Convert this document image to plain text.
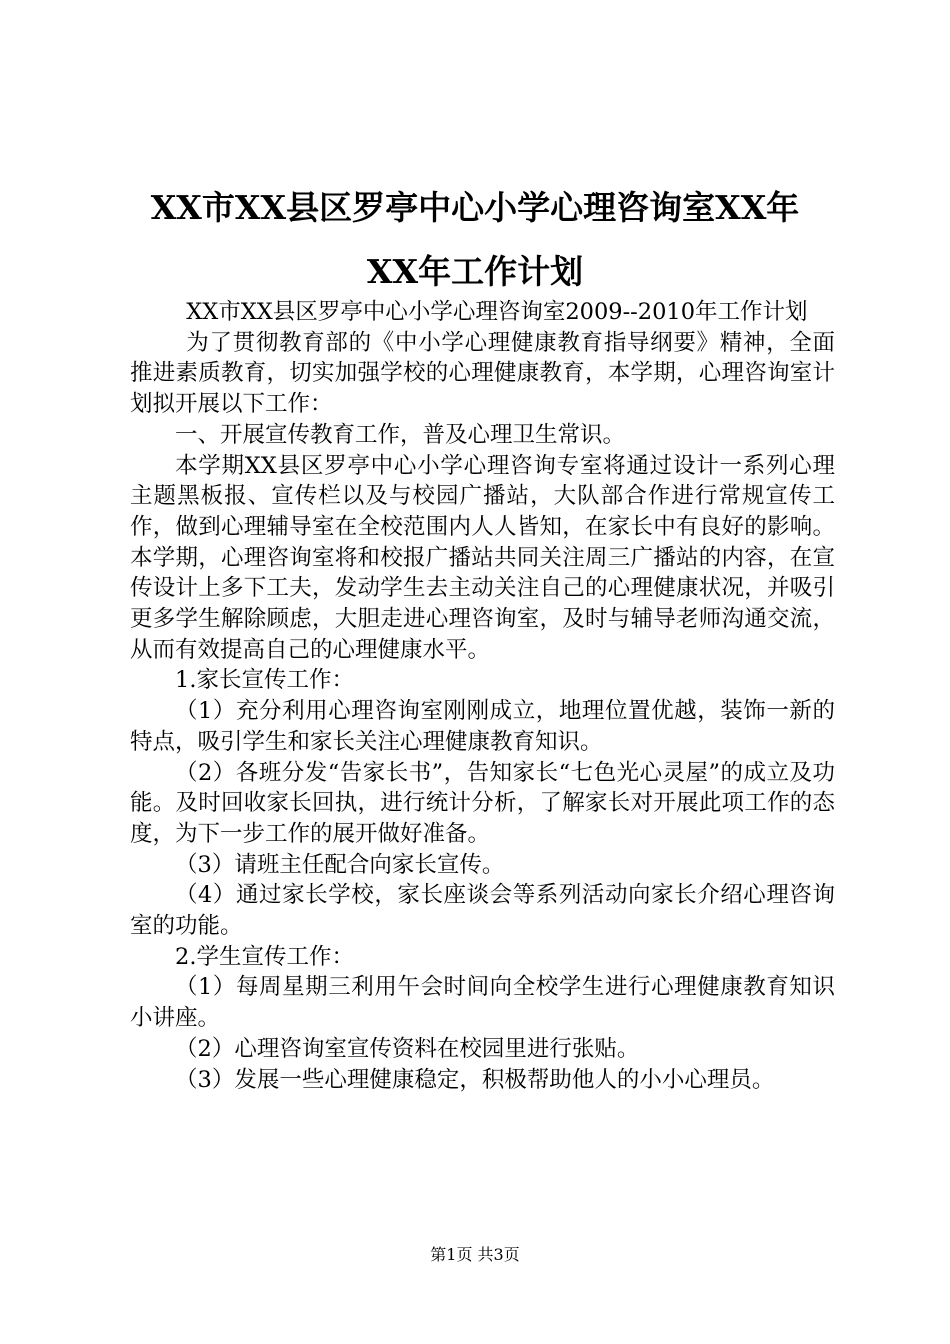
XX市XX县区罗亭中心小学心理咨询室XX年
XX年工作计划

XX市XX县区罗亭中心小学心理咨询室2009--2010年工作计划

为了贯彻教育部的《中小学心理健康教育指导纲要》精神，全面推进素质教育，切实加强学校的心理健康教育，本学期，心理咨询室计划拟开展以下工作：

一、开展宣传教育工作，普及心理卫生常识。

本学期XX县区罗亭中心小学心理咨询专室将通过设计一系列心理主题黑板报、宣传栏以及与校园广播站，大队部合作进行常规宣传工作，做到心理辅导室在全校范围内人人皆知，在家长中有良好的影响。本学期，心理咨询室将和校报广播站共同关注周三广播站的内容，在宣传设计上多下工夫，发动学生去主动关注自己的心理健康状况，并吸引更多学生解除顾虑，大胆走进心理咨询室，及时与辅导老师沟通交流，从而有效提高自己的心理健康水平。

1.家长宣传工作：

（1）充分利用心理咨询室刚刚成立，地理位置优越，装饰一新的特点，吸引学生和家长关注心理健康教育知识。

（2）各班分发“告家长书”，告知家长“七色光心灵屋”的成立及功能。及时回收家长回执，进行统计分析，了解家长对开展此项工作的态度，为下一步工作的展开做好准备。

（3）请班主任配合向家长宣传。

（4）通过家长学校，家长座谈会等系列活动向家长介绍心理咨询室的功能。

2.学生宣传工作：

（1）每周星期三利用午会时间向全校学生进行心理健康教育知识小讲座。

（2）心理咨询室宣传资料在校园里进行张贴。

（3）发展一些心理健康稳定，积极帮助他人的小小心理员。

第1页 共3页
